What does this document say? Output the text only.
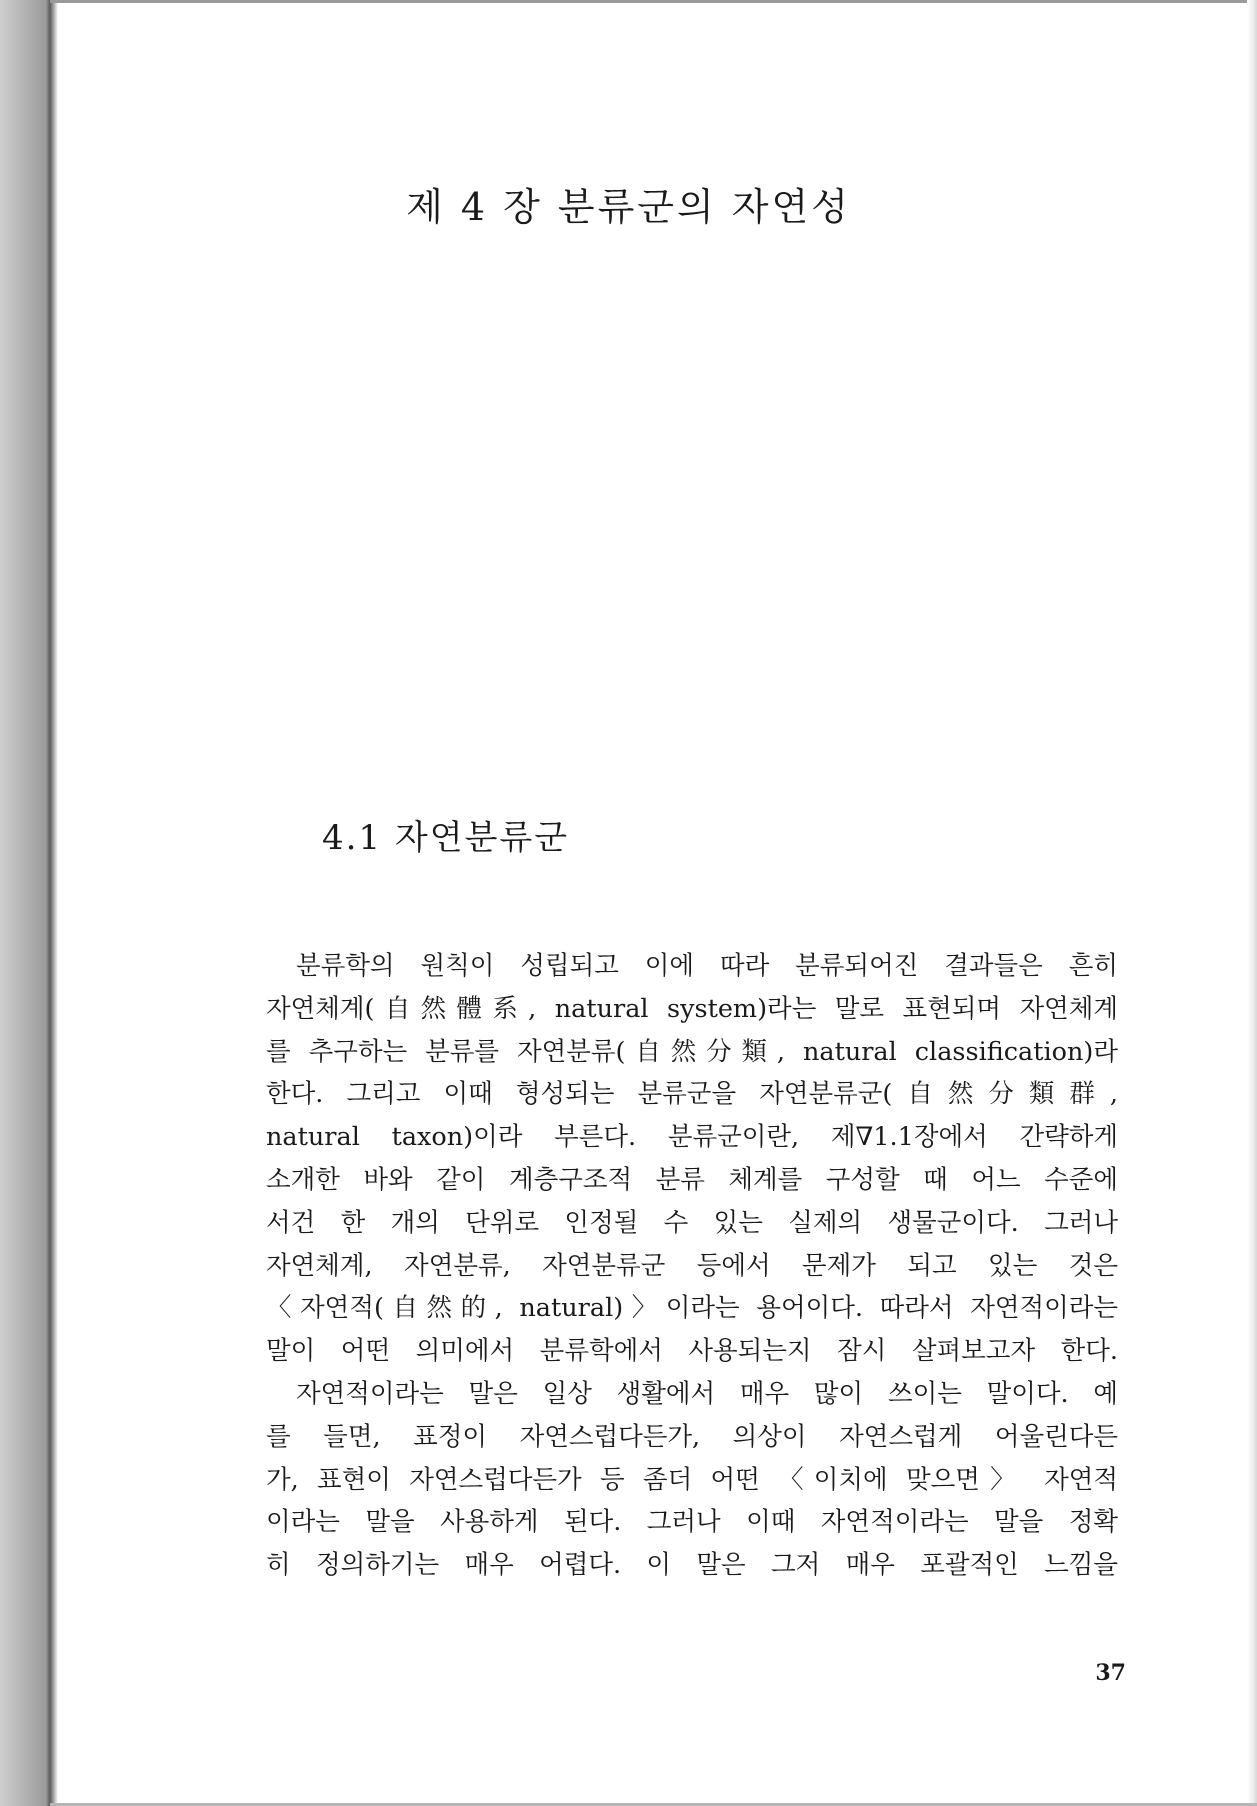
제 4 장 분류군의 자연성
4.1 자연분류군
분류학의 원칙이 성립되고 이에 따라 분류되어진 결과들은 흔히
자연체계(自然體系, natural system)라는 말로 표현되며 자연체계
를 추구하는 분류를 자연분류(自然分類, natural classification)라
한다. 그리고 이때 형성되는 분류군을 자연분류군(自然分類群,
natural taxon)이라 부른다. 분류군이란, 제∇1.1장에서 간략하게
소개한 바와 같이 계층구조적 분류 체계를 구성할 때 어느 수준에
서건 한 개의 단위로 인정될 수 있는 실제의 생물군이다. 그러나
자연체계, 자연분류, 자연분류군 등에서 문제가 되고 있는 것은
〈자연적(自然的, natural)〉이라는 용어이다. 따라서 자연적이라는
말이 어떤 의미에서 분류학에서 사용되는지 잠시 살펴보고자 한다.
자연적이라는 말은 일상 생활에서 매우 많이 쓰이는 말이다. 예
를 들면, 표정이 자연스럽다든가, 의상이 자연스럽게 어울린다든
가, 표현이 자연스럽다든가 등 좀더 어떤 〈이치에 맞으면〉 자연적
이라는 말을 사용하게 된다. 그러나 이때 자연적이라는 말을 정확
히 정의하기는 매우 어렵다. 이 말은 그저 매우 포괄적인 느낌을
37
